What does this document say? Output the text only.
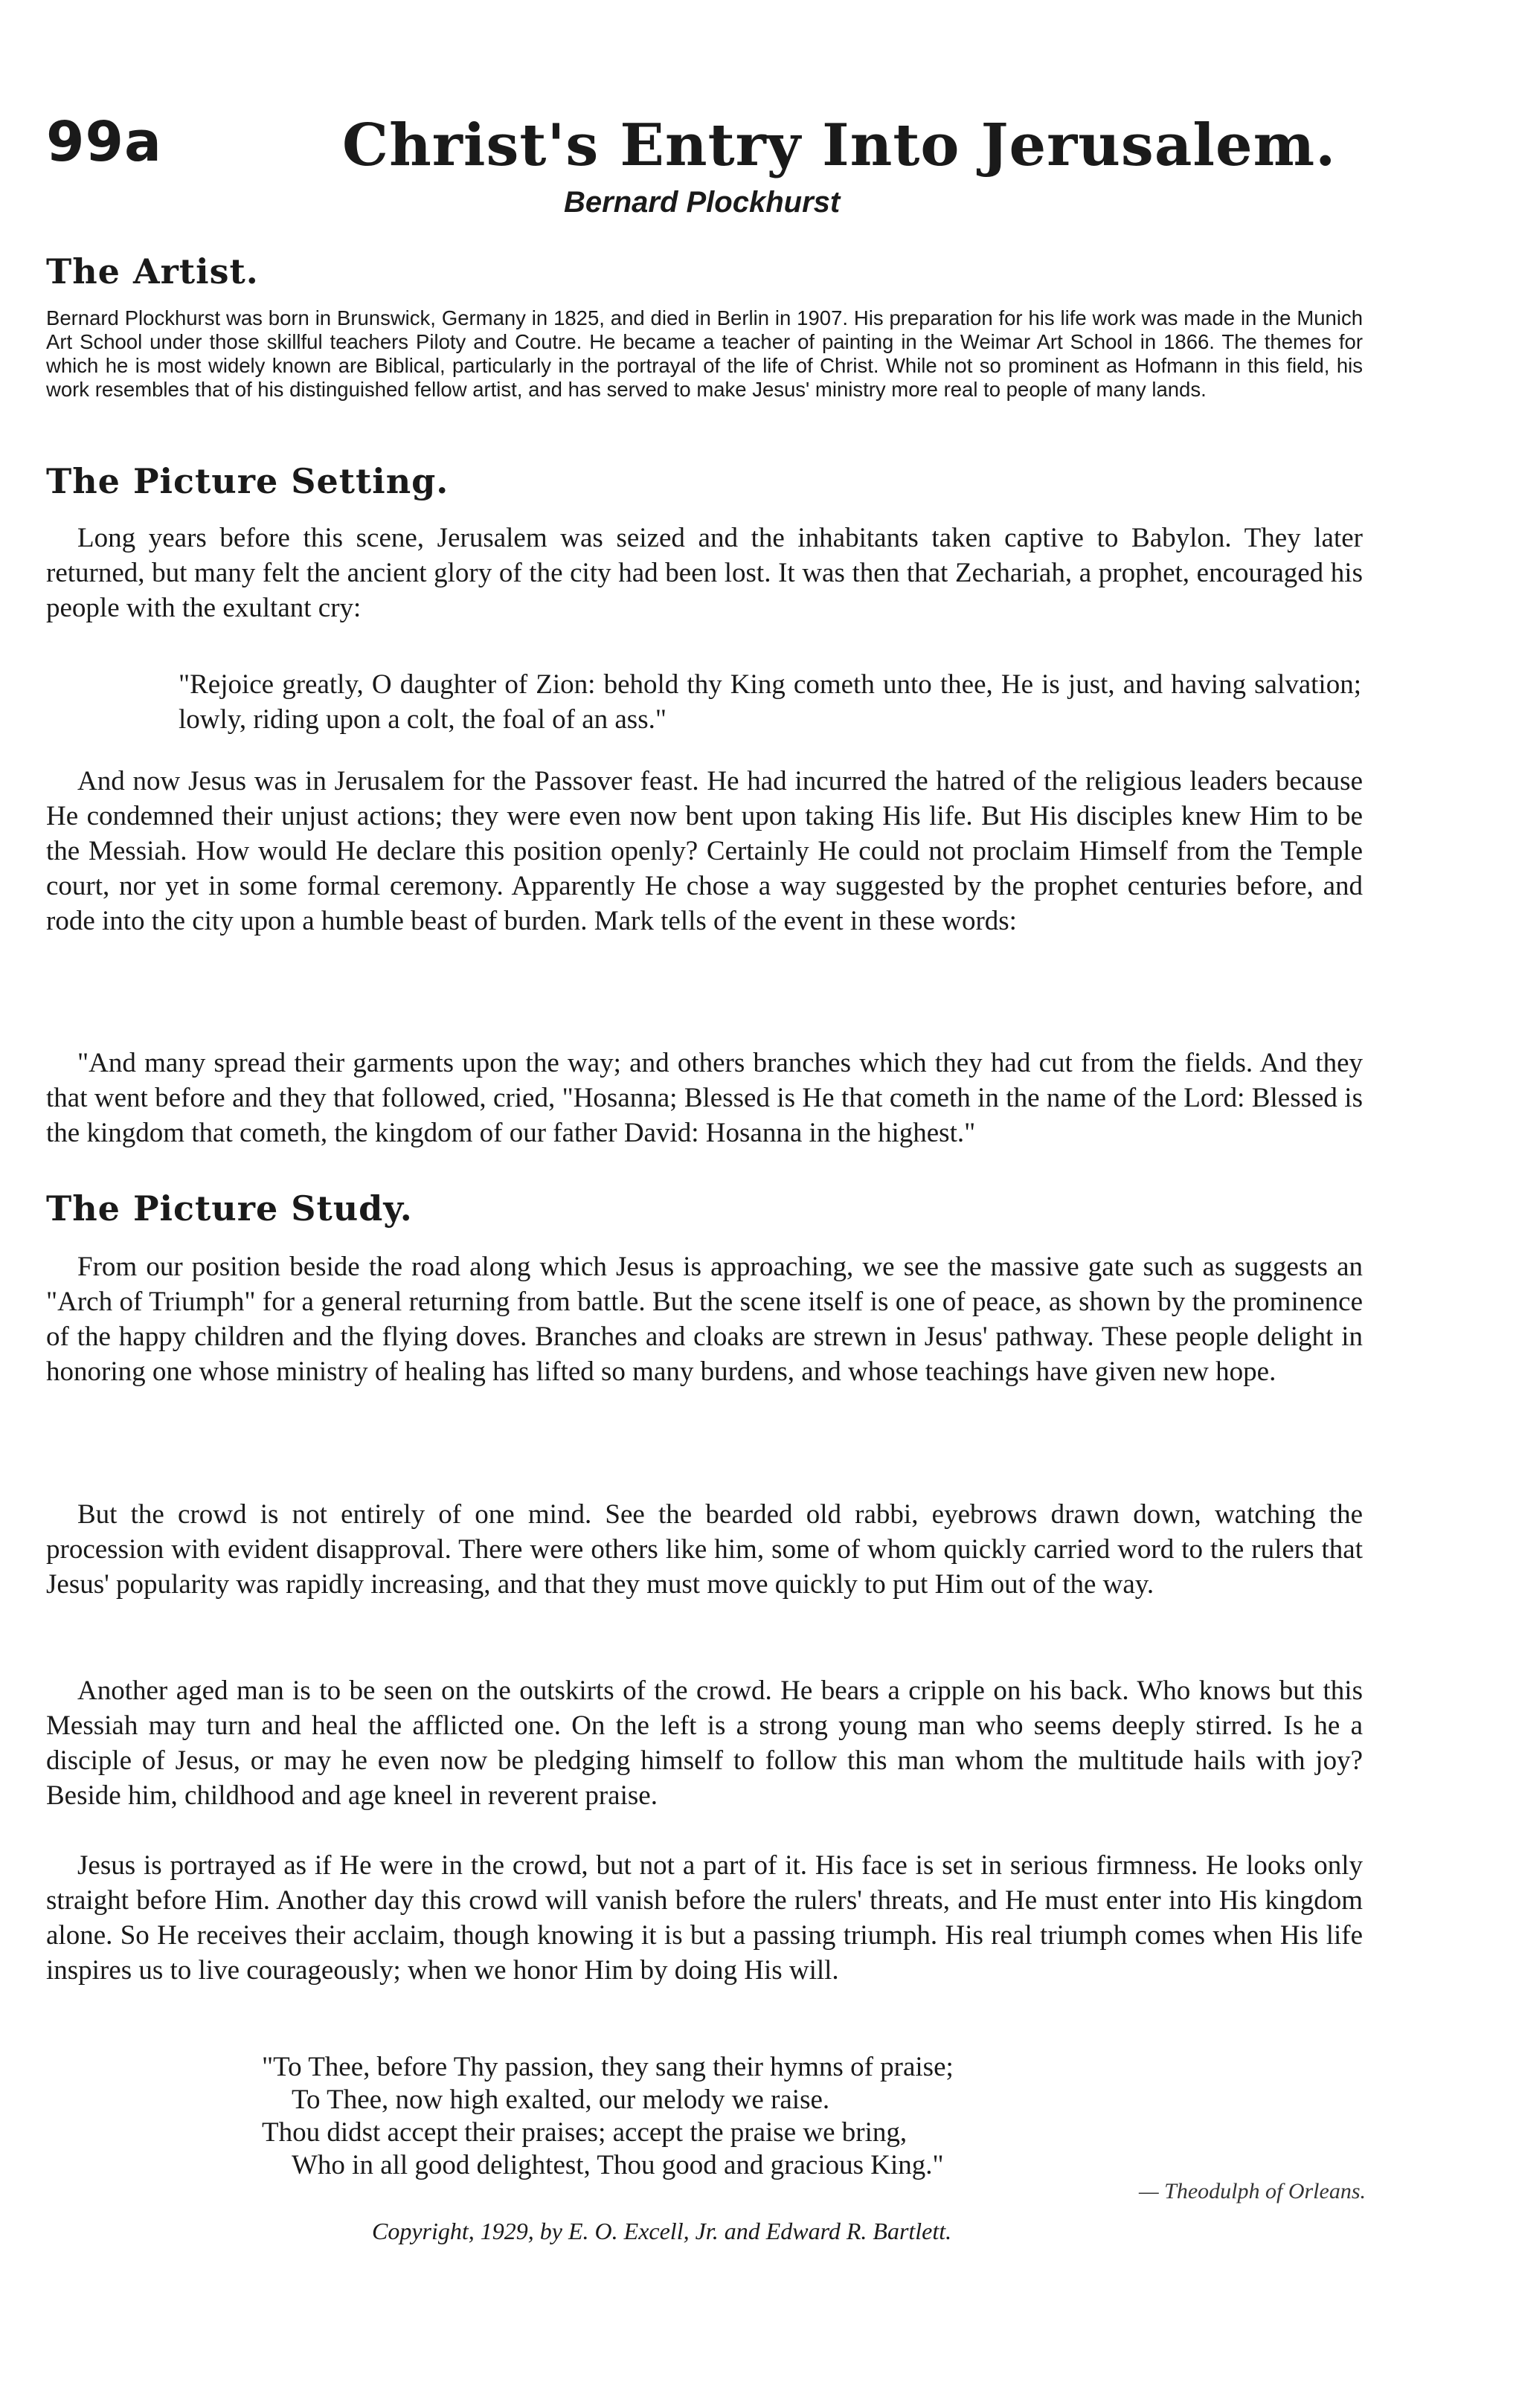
99a	Christ's Entry Into Jerusalem.
Bernard Plockhurst
The Artist.

Bernard Plockhurst was born in Brunswick, Germany in 1825, and died in Berlin in 1907. His preparation for his life work was made in the Munich Art School under those skillful teachers Piloty and Coutre. He became a teacher of painting in the Weimar Art School in 1866. The themes for which he is most widely known are Biblical, particularly in the portrayal of the life of Christ. While not so prominent as Hofmann in this field, his work resembles that of his distinguished fellow artist, and has served to make Jesus' ministry more real to people of many lands.

The Picture Setting.

Long years before this scene, Jerusalem was seized and the inhabitants taken captive to Babylon. They later returned, but many felt the ancient glory of the city had been lost. It was then that Zechariah, a prophet, encouraged his people with the exultant cry:

"Rejoice greatly, O daughter of Zion: behold thy King cometh unto thee, He is just, and having salvation; lowly, riding upon a colt, the foal of an ass."

And now Jesus was in Jerusalem for the Passover feast. He had incurred the hatred of the religious leaders because He condemned their unjust actions; they were even now bent upon taking His life. But His disciples knew Him to be the Messiah. How would He declare this position openly? Certainly He could not proclaim Himself from the Temple court, nor yet in some formal ceremony. Apparently He chose a way suggested by the prophet centuries before, and rode into the city upon a humble beast of burden. Mark tells of the event in these words:

"And many spread their garments upon the way; and others branches which they had cut from the fields. And they that went before and they that followed, cried, "Hosanna; Blessed is He that cometh in the name of the Lord: Blessed is the kingdom that cometh, the kingdom of our father David: Hosanna in the highest."

The Picture Study.

From our position beside the road along which Jesus is approaching, we see the massive gate such as suggests an "Arch of Triumph" for a general returning from battle. But the scene itself is one of peace, as shown by the prominence of the happy children and the flying doves. Branches and cloaks are strewn in Jesus' pathway. These people delight in honoring one whose ministry of healing has lifted so many burdens, and whose teachings have given new hope.

But the crowd is not entirely of one mind. See the bearded old rabbi, eyebrows drawn down, watching the procession with evident disapproval. There were others like him, some of whom quickly carried word to the rulers that Jesus' popularity was rapidly increasing, and that they must move quickly to put Him out of the way.

Another aged man is to be seen on the outskirts of the crowd. He bears a cripple on his back. Who knows but this Messiah may turn and heal the afflicted one. On the left is a strong young man who seems deeply stirred. Is he a disciple of Jesus, or may he even now be pledging himself to follow this man whom the multitude hails with joy? Beside him, childhood and age kneel in reverent praise.

Jesus is portrayed as if He were in the crowd, but not a part of it. His face is set in serious firmness. He looks only straight before Him. Another day this crowd will vanish before the rulers' threats, and He must enter into His kingdom alone. So He receives their acclaim, though knowing it is but a passing triumph. His real triumph comes when His life inspires us to live courageously; when we honor Him by doing His will.

"To Thee, before Thy passion, they sang their hymns of praise;
To Thee, now high exalted, our melody we raise.
Thou didst accept their praises; accept the praise we bring,
Who in all good delightest, Thou good and gracious King."
— Theodulph of Orleans.
Copyright, 1929, by E. O. Excell, Jr. and Edward R. Bartlett.
